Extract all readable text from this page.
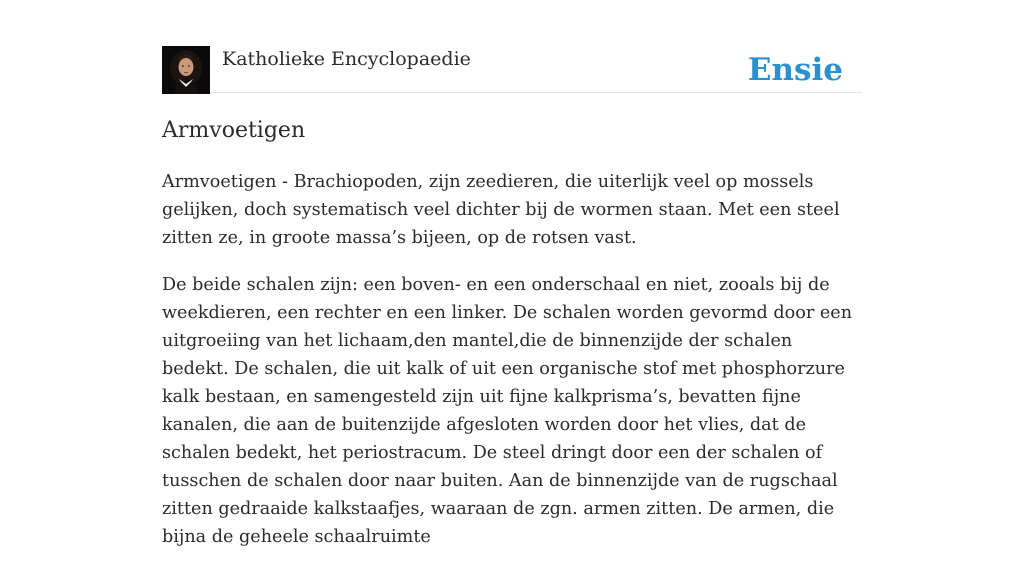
Katholieke Encyclopaedie	Ensie
Armvoetigen

Armvoetigen - Brachiopoden, zijn zeedieren, die uiterlijk veel op mossels gelijken, doch systematisch veel dichter bij de wormen staan. Met een steel zitten ze, in groote massa’s bijeen, op de rotsen vast.

De beide schalen zijn: een boven- en een onderschaal en niet, zooals bij de weekdieren, een rechter en een linker. De schalen worden gevormd door een uitgroeiing van het lichaam,den mantel,die de binnenzijde der schalen bedekt. De schalen, die uit kalk of uit een organische stof met phosphorzure kalk bestaan, en samengesteld zijn uit fijne kalkprisma’s, bevatten fijne kanalen, die aan de buitenzijde afgesloten worden door het vlies, dat de schalen bedekt, het periostracum. De steel dringt door een der schalen of tusschen de schalen door naar buiten. Aan de binnenzijde van de rugschaal zitten gedraaide kalkstaafjes, waaraan de zgn. armen zitten. De armen, die bijna de geheele schaalruimte
